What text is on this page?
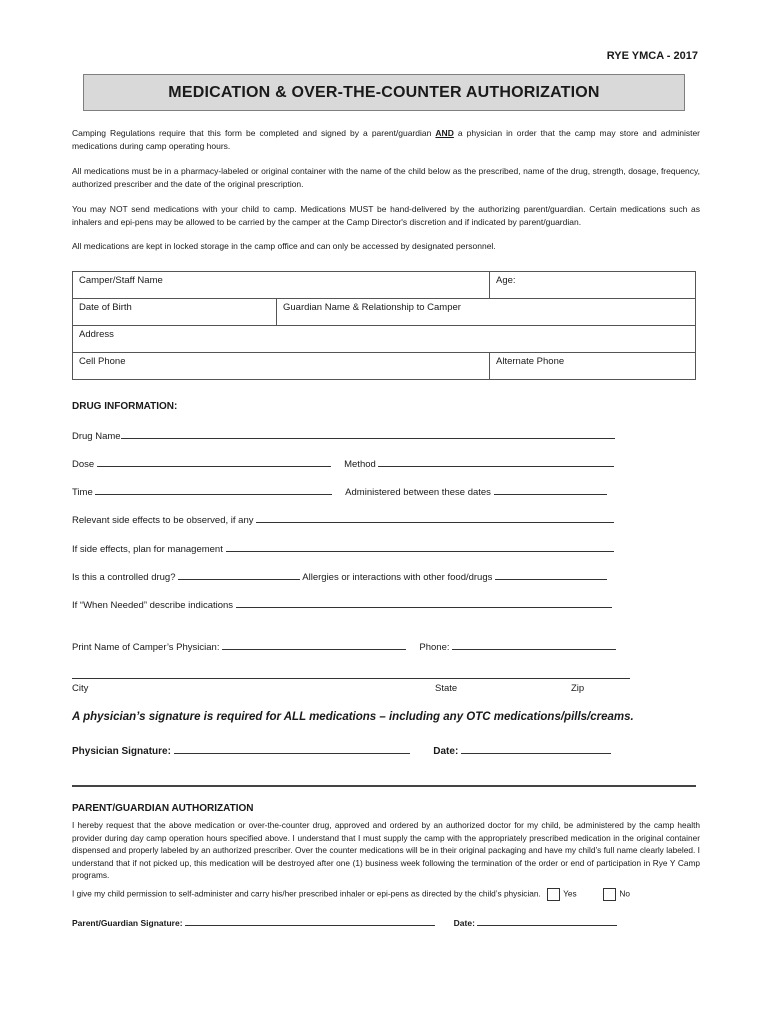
RYE YMCA - 2017
MEDICATION & OVER-THE-COUNTER AUTHORIZATION
Camping Regulations require that this form be completed and signed by a parent/guardian AND a physician in order that the camp may store and administer medications during camp operating hours.
All medications must be in a pharmacy-labeled or original container with the name of the child below as the prescribed, name of the drug, strength, dosage, frequency, authorized prescriber and the date of the original prescription.
You may NOT send medications with your child to camp. Medications MUST be hand-delivered by the authorizing parent/guardian. Certain medications such as inhalers and epi-pens may be allowed to be carried by the camper at the Camp Director's discretion and if indicated by parent/guardian.
All medications are kept in locked storage in the camp office and can only be accessed by designated personnel.
Camper/Staff Name		Age:
Date of Birth	Guardian Name & Relationship to Camper	
Address		
Cell Phone		Alternate Phone
DRUG INFORMATION:
Drug Name
Dose	Method
Time	Administered between these dates
Relevant side effects to be observed, if any
If side effects, plan for management
Is this a controlled drug?	Allergies or interactions with other food/drugs
If “When Needed” describe indications
Print Name of Camper’s Physician:	Phone:
City	State	Zip
A physician’s signature is required for ALL medications – including any OTC medications/pills/creams.
Physician Signature:	Date:
PARENT/GUARDIAN AUTHORIZATION
I hereby request that the above medication or over-the-counter drug, approved and ordered by an authorized doctor for my child, be administered by the camp health provider during day camp operation hours specified above. I understand that I must supply the camp with the appropriately prescribed medication in the original container dispensed and properly labeled by an authorized prescriber. Over the counter medications will be in their original packaging and have my child’s full name clearly labeled. I understand that if not picked up, this medication will be destroyed after one (1) business week following the termination of the order or end of participation in Rye Y Camp programs.
I give my child permission to self-administer and carry his/her prescribed inhaler or epi-pens as directed by the child’s physician.	Yes	No
Parent/Guardian Signature:	Date:
